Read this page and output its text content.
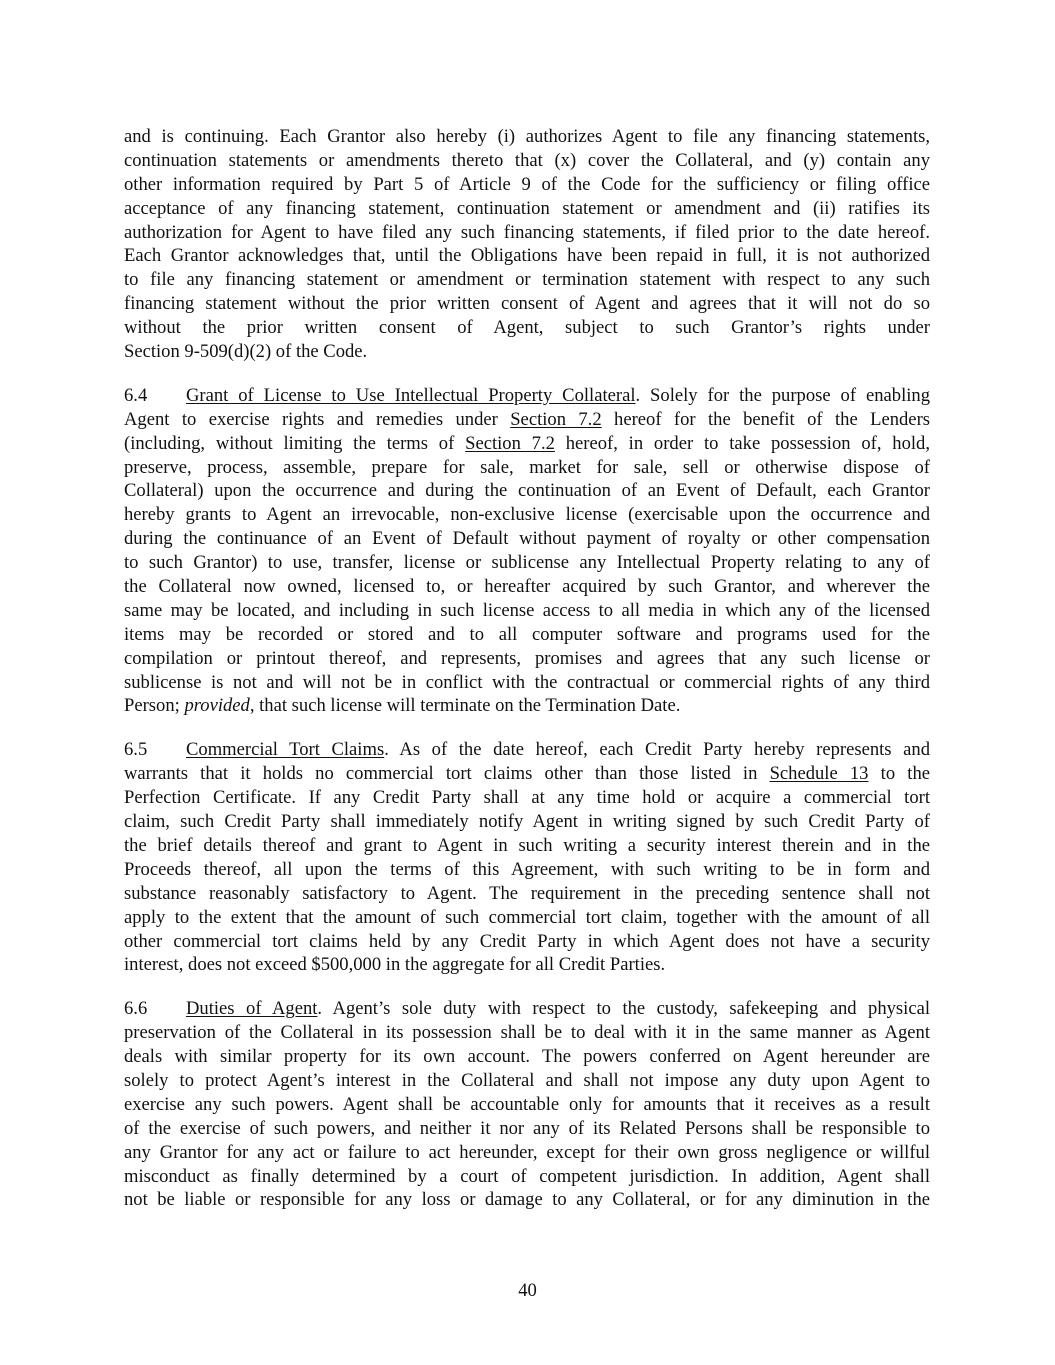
and is continuing. Each Grantor also hereby (i) authorizes Agent to file any financing statements,
continuation statements or amendments thereto that (x) cover the Collateral, and (y) contain any
other information required by Part 5 of Article 9 of the Code for the sufficiency or filing office
acceptance of any financing statement, continuation statement or amendment and (ii) ratifies its
authorization for Agent to have filed any such financing statements, if filed prior to the date hereof.
Each Grantor acknowledges that, until the Obligations have been repaid in full, it is not authorized
to file any financing statement or amendment or termination statement with respect to any such
financing statement without the prior written consent of Agent and agrees that it will not do so
without the prior written consent of Agent, subject to such Grantor’s rights under
Section 9-509(d)(2) of the Code.
6.4 Grant of License to Use Intellectual Property Collateral. Solely for the purpose of enabling
Agent to exercise rights and remedies under Section 7.2 hereof for the benefit of the Lenders
(including, without limiting the terms of Section 7.2 hereof, in order to take possession of, hold,
preserve, process, assemble, prepare for sale, market for sale, sell or otherwise dispose of
Collateral) upon the occurrence and during the continuation of an Event of Default, each Grantor
hereby grants to Agent an irrevocable, non-exclusive license (exercisable upon the occurrence and
during the continuance of an Event of Default without payment of royalty or other compensation
to such Grantor) to use, transfer, license or sublicense any Intellectual Property relating to any of
the Collateral now owned, licensed to, or hereafter acquired by such Grantor, and wherever the
same may be located, and including in such license access to all media in which any of the licensed
items may be recorded or stored and to all computer software and programs used for the
compilation or printout thereof, and represents, promises and agrees that any such license or
sublicense is not and will not be in conflict with the contractual or commercial rights of any third
Person; provided, that such license will terminate on the Termination Date.
6.5 Commercial Tort Claims. As of the date hereof, each Credit Party hereby represents and
warrants that it holds no commercial tort claims other than those listed in Schedule 13 to the
Perfection Certificate. If any Credit Party shall at any time hold or acquire a commercial tort
claim, such Credit Party shall immediately notify Agent in writing signed by such Credit Party of
the brief details thereof and grant to Agent in such writing a security interest therein and in the
Proceeds thereof, all upon the terms of this Agreement, with such writing to be in form and
substance reasonably satisfactory to Agent. The requirement in the preceding sentence shall not
apply to the extent that the amount of such commercial tort claim, together with the amount of all
other commercial tort claims held by any Credit Party in which Agent does not have a security
interest, does not exceed $500,000 in the aggregate for all Credit Parties.
6.6 Duties of Agent. Agent’s sole duty with respect to the custody, safekeeping and physical
preservation of the Collateral in its possession shall be to deal with it in the same manner as Agent
deals with similar property for its own account. The powers conferred on Agent hereunder are
solely to protect Agent’s interest in the Collateral and shall not impose any duty upon Agent to
exercise any such powers. Agent shall be accountable only for amounts that it receives as a result
of the exercise of such powers, and neither it nor any of its Related Persons shall be responsible to
any Grantor for any act or failure to act hereunder, except for their own gross negligence or willful
misconduct as finally determined by a court of competent jurisdiction. In addition, Agent shall
not be liable or responsible for any loss or damage to any Collateral, or for any diminution in the
40
